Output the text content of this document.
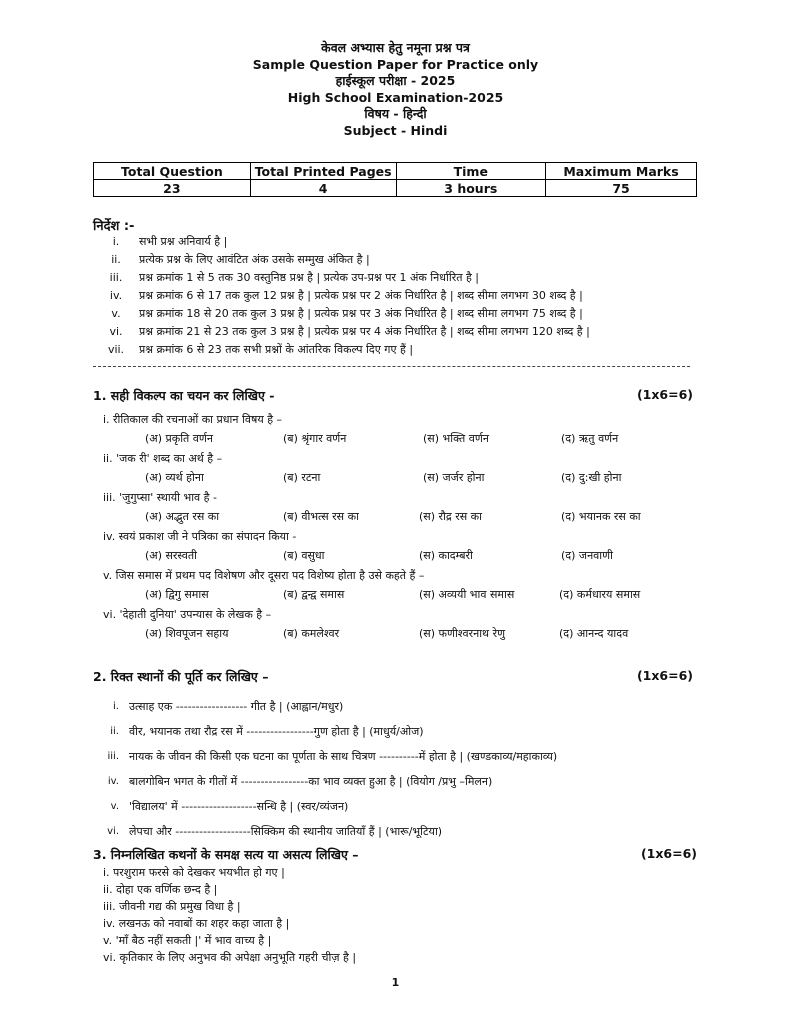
केवल अभ्यास हेतु नमूना प्रश्न पत्र
Sample Question Paper for Practice only
हाईस्कूल परीक्षा - 2025
High School Examination-2025
विषय - हिन्दी
Subject - Hindi
Total Question	Total Printed Pages	Time	Maximum Marks
23	4	3 hours	75
निर्देश :-
i.	सभी प्रश्न अनिवार्य है |
ii.	प्रत्येक प्रश्न के लिए आवंटित अंक उसके सम्मुख अंकित है |
iii.	प्रश्न क्रमांक 1 से 5 तक 30 वस्तुनिष्ठ प्रश्न है | प्रत्येक उप-प्रश्न पर 1 अंक निर्धारित है |
iv.	प्रश्न क्रमांक 6 से 17 तक कुल 12 प्रश्न है | प्रत्येक प्रश्न पर 2 अंक निर्धारित है | शब्द सीमा लगभग 30 शब्द है |
v.	प्रश्न क्रमांक 18 से 20 तक कुल 3 प्रश्न है | प्रत्येक प्रश्न पर 3 अंक निर्धारित है | शब्द सीमा लगभग 75 शब्द है |
vi.	प्रश्न क्रमांक 21 से 23 तक कुल 3 प्रश्न है | प्रत्येक प्रश्न पर 4 अंक निर्धारित है | शब्द सीमा लगभग 120 शब्द है |
vii.	प्रश्न क्रमांक 6 से 23 तक सभी प्रश्नों के आंतरिक विकल्प दिए गए हैं |
1. सही विकल्प का चयन कर लिखिए -	(1x6=6)
i. रीतिकाल की रचनाओं का प्रधान विषय है –
(अ) प्रकृति वर्णन	(ब) श्रृंगार वर्णन	(स) भक्ति वर्णन	(द) ऋतु वर्णन
ii. 'जक री' शब्द का अर्थ है –
(अ) व्यर्थ होना	(ब) रटना	(स) जर्जर होना	(द) दु:खी होना
iii. 'जुगुप्सा' स्थायी भाव है -
(अ) अद्भुत रस का	(ब) वीभत्स रस का	(स) रौद्र रस का	(द) भयानक रस का
iv. स्वयं प्रकाश जी ने पत्रिका का संपादन किया -
(अ) सरस्वती	(ब) वसुधा	(स) कादम्बरी	(द) जनवाणी
v. जिस समास में प्रथम पद विशेषण और दूसरा पद विशेष्य होता है उसे कहते हैं –
(अ) द्विगु समास	(ब) द्वन्द्व समास	(स) अव्ययी भाव समास	(द) कर्मधारय समास
vi. 'देहाती दुनिया' उपन्यास के लेखक है –
(अ) शिवपूजन सहाय	(ब) कमलेश्वर	(स) फणीश्वरनाथ रेणु	(द) आनन्द यादव
2. रिक्त स्थानों की पूर्ति कर लिखिए –	(1x6=6)
i. उत्साह एक ------------------ गीत है | (आह्वान/मधुर)
ii. वीर, भयानक तथा रौद्र रस में -----------------गुण होता है | (माधुर्य/ओज)
iii. नायक के जीवन की किसी एक घटना का पूर्णता के साथ चित्रण ----------में होता है | (खण्डकाव्य/महाकाव्य)
iv. बालगोबिन भगत के गीतों में -----------------का भाव व्यक्त हुआ है | (वियोग /प्रभु –मिलन)
v. 'विद्यालय' में -------------------सन्धि है | (स्वर/व्यंजन)
vi. लेपचा और -------------------सिक्किम की स्थानीय जातियाँ हैं | (भारू/भूटिया)
3. निम्नलिखित कथनों के समक्ष सत्य या असत्य लिखिए –	(1x6=6)
i. परशुराम फरसे को देखकर भयभीत हो गए |
ii. दोहा एक वर्णिक छन्द है |
iii. जीवनी गद्य की प्रमुख विधा है |
iv. लखनऊ को नवाबों का शहर कहा जाता है |
v. 'माँ बैठ नहीं सकती |' में भाव वाच्य है |
vi. कृतिकार के लिए अनुभव की अपेक्षा अनुभूति गहरी चीज़ है |
1
